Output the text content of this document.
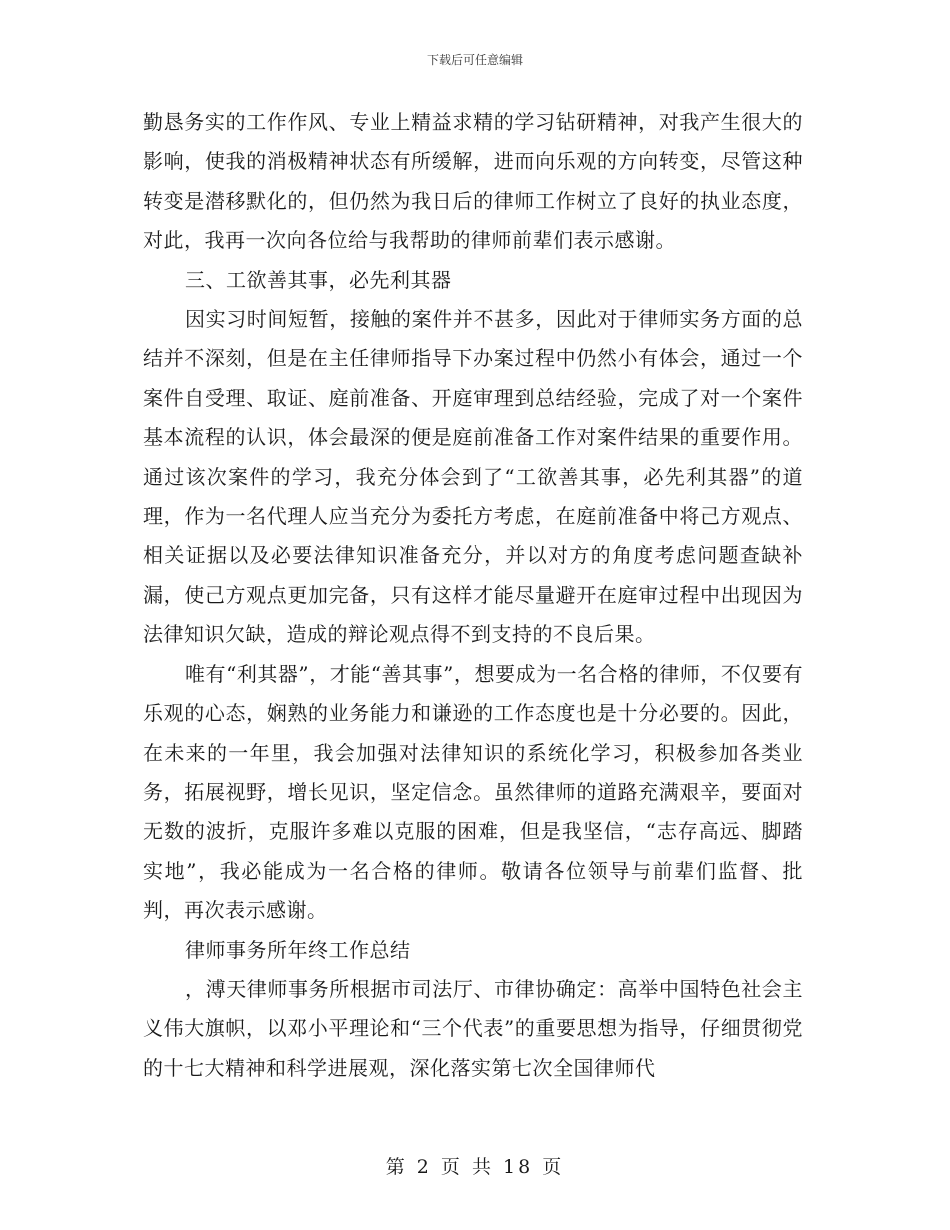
下载后可任意编辑

勤恳务实的工作作风、专业上精益求精的学习钻研精神，对我产生很大的影响，使我的消极精神状态有所缓解，进而向乐观的方向转变，尽管这种转变是潜移默化的，但仍然为我日后的律师工作树立了良好的执业态度，对此，我再一次向各位给与我帮助的律师前辈们表示感谢。

三、工欲善其事，必先利其器

因实习时间短暂，接触的案件并不甚多，因此对于律师实务方面的总结并不深刻，但是在主任律师指导下办案过程中仍然小有体会，通过一个案件自受理、取证、庭前准备、开庭审理到总结经验，完成了对一个案件基本流程的认识，体会最深的便是庭前准备工作对案件结果的重要作用。通过该次案件的学习，我充分体会到了“工欲善其事，必先利其器”的道理，作为一名代理人应当充分为委托方考虑，在庭前准备中将己方观点、相关证据以及必要法律知识准备充分，并以对方的角度考虑问题查缺补漏，使己方观点更加完备，只有这样才能尽量避开在庭审过程中出现因为法律知识欠缺，造成的辩论观点得不到支持的不良后果。

唯有“利其器”，才能“善其事”，想要成为一名合格的律师，不仅要有乐观的心态，娴熟的业务能力和谦逊的工作态度也是十分必要的。因此，在未来的一年里，我会加强对法律知识的系统化学习，积极参加各类业务，拓展视野，增长见识，坚定信念。虽然律师的道路充满艰辛，要面对无数的波折，克服许多难以克服的困难，但是我坚信，“志存高远、脚踏实地”，我必能成为一名合格的律师。敬请各位领导与前辈们监督、批判，再次表示感谢。

律师事务所年终工作总结

，溥天律师事务所根据市司法厅、市律协确定：高举中国特色社会主义伟大旗帜，以邓小平理论和“三个代表”的重要思想为指导，仔细贯彻党的十七大精神和科学进展观，深化落实第七次全国律师代

第 2 页 共 18 页
